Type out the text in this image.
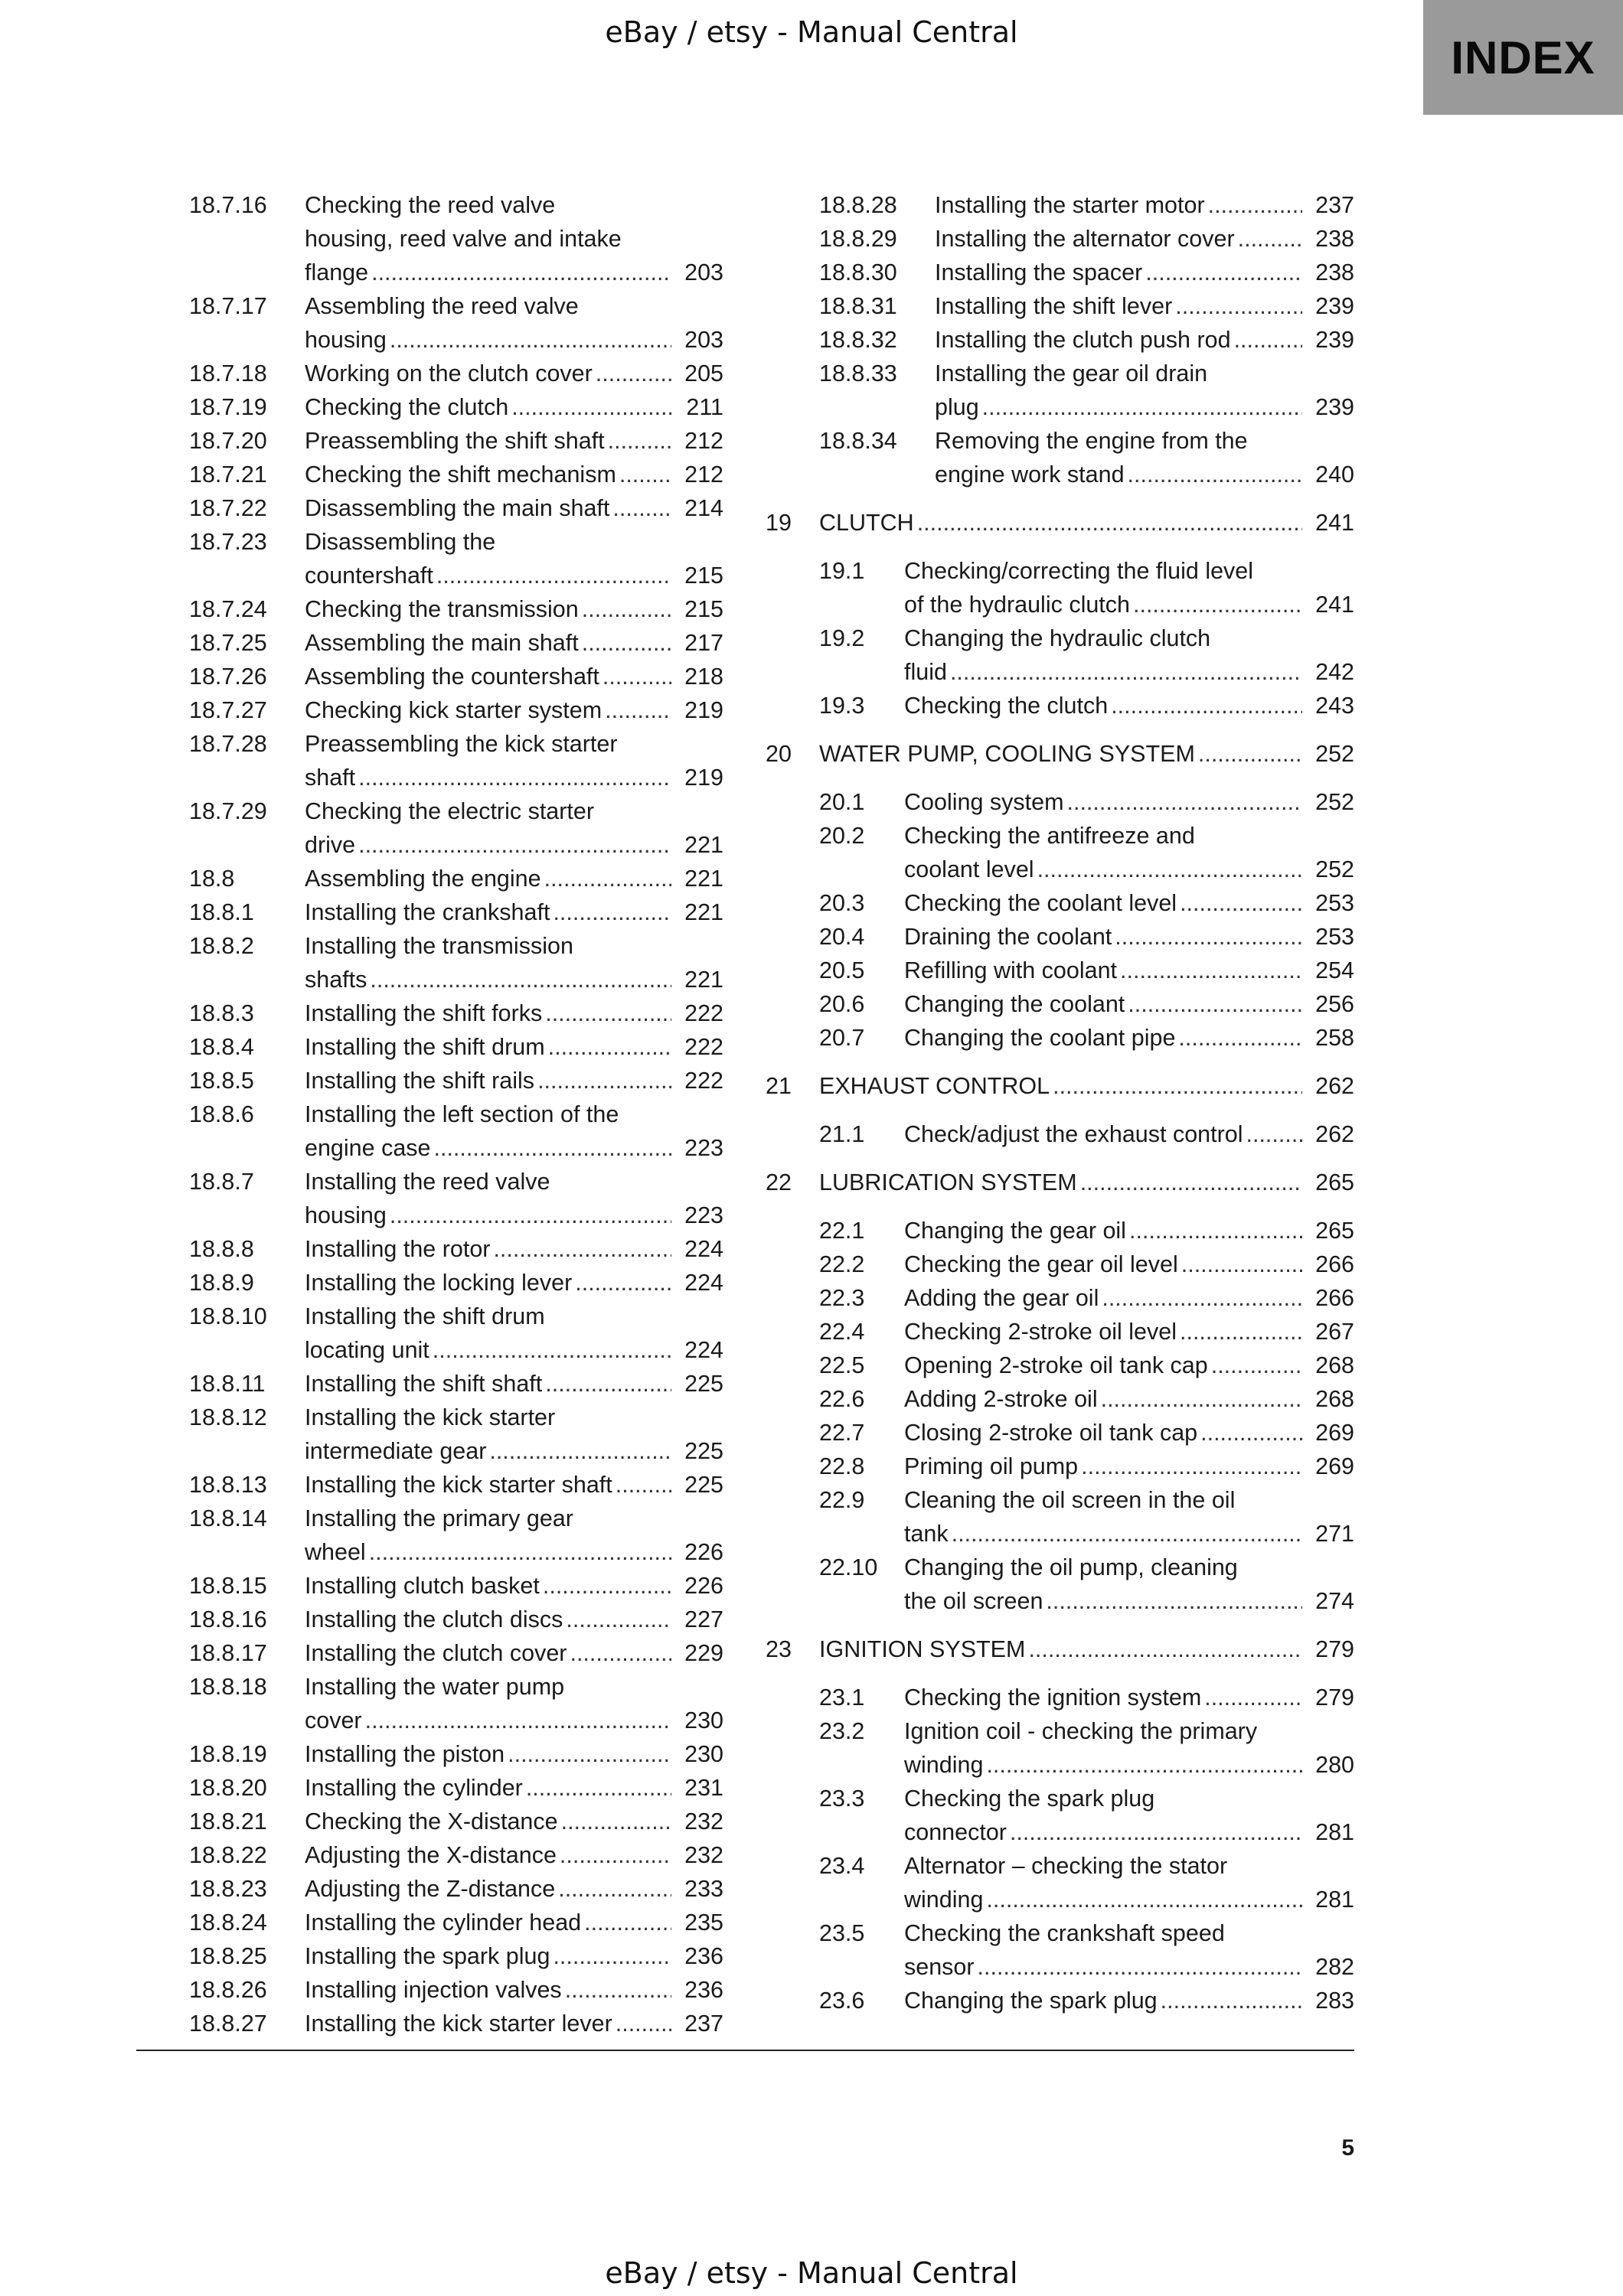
eBay / etsy - Manual Central	INDEX
18.7.16	Checking the reed valve
housing, reed valve and intake
flange .....	203
18.7.17	Assembling the reed valve
housing .....	203
18.7.18	Working on the clutch cover .....	205
18.7.19	Checking the clutch .....	211
18.7.20	Preassembling the shift shaft .....	212
18.7.21	Checking the shift mechanism .....	212
18.7.22	Disassembling the main shaft .....	214
18.7.23	Disassembling the
countershaft .....	215
18.7.24	Checking the transmission .....	215
18.7.25	Assembling the main shaft .....	217
18.7.26	Assembling the countershaft .....	218
18.7.27	Checking kick starter system .....	219
18.7.28	Preassembling the kick starter
shaft .....	219
18.7.29	Checking the electric starter
drive .....	221
18.8	Assembling the engine .....	221
18.8.1	Installing the crankshaft .....	221
18.8.2	Installing the transmission
shafts .....	221
18.8.3	Installing the shift forks .....	222
18.8.4	Installing the shift drum .....	222
18.8.5	Installing the shift rails .....	222
18.8.6	Installing the left section of the
engine case .....	223
18.8.7	Installing the reed valve
housing .....	223
18.8.8	Installing the rotor .....	224
18.8.9	Installing the locking lever .....	224
18.8.10	Installing the shift drum
locating unit .....	224
18.8.11	Installing the shift shaft .....	225
18.8.12	Installing the kick starter
intermediate gear .....	225
18.8.13	Installing the kick starter shaft .....	225
18.8.14	Installing the primary gear
wheel .....	226
18.8.15	Installing clutch basket .....	226
18.8.16	Installing the clutch discs .....	227
18.8.17	Installing the clutch cover .....	229
18.8.18	Installing the water pump
cover .....	230
18.8.19	Installing the piston .....	230
18.8.20	Installing the cylinder .....	231
18.8.21	Checking the X-distance .....	232
18.8.22	Adjusting the X-distance .....	232
18.8.23	Adjusting the Z-distance .....	233
18.8.24	Installing the cylinder head .....	235
18.8.25	Installing the spark plug .....	236
18.8.26	Installing injection valves .....	236
18.8.27	Installing the kick starter lever .....	237
18.8.28	Installing the starter motor .....	237
18.8.29	Installing the alternator cover .....	238
18.8.30	Installing the spacer .....	238
18.8.31	Installing the shift lever .....	239
18.8.32	Installing the clutch push rod .....	239
18.8.33	Installing the gear oil drain
plug .....	239
18.8.34	Removing the engine from the
engine work stand .....	240
19	CLUTCH .....	241
19.1	Checking/correcting the fluid level
of the hydraulic clutch .....	241
19.2	Changing the hydraulic clutch
fluid .....	242
19.3	Checking the clutch .....	243
20	WATER PUMP, COOLING SYSTEM .....	252
20.1	Cooling system .....	252
20.2	Checking the antifreeze and
coolant level .....	252
20.3	Checking the coolant level .....	253
20.4	Draining the coolant .....	253
20.5	Refilling with coolant .....	254
20.6	Changing the coolant .....	256
20.7	Changing the coolant pipe .....	258
21	EXHAUST CONTROL .....	262
21.1	Check/adjust the exhaust control .....	262
22	LUBRICATION SYSTEM .....	265
22.1	Changing the gear oil .....	265
22.2	Checking the gear oil level .....	266
22.3	Adding the gear oil .....	266
22.4	Checking 2-stroke oil level .....	267
22.5	Opening 2-stroke oil tank cap .....	268
22.6	Adding 2-stroke oil .....	268
22.7	Closing 2-stroke oil tank cap .....	269
22.8	Priming oil pump .....	269
22.9	Cleaning the oil screen in the oil
tank .....	271
22.10	Changing the oil pump, cleaning
the oil screen .....	274
23	IGNITION SYSTEM .....	279
23.1	Checking the ignition system .....	279
23.2	Ignition coil - checking the primary
winding .....	280
23.3	Checking the spark plug
connector .....	281
23.4	Alternator – checking the stator
winding .....	281
23.5	Checking the crankshaft speed
sensor .....	282
23.6	Changing the spark plug .....	283
5
eBay / etsy - Manual Central
